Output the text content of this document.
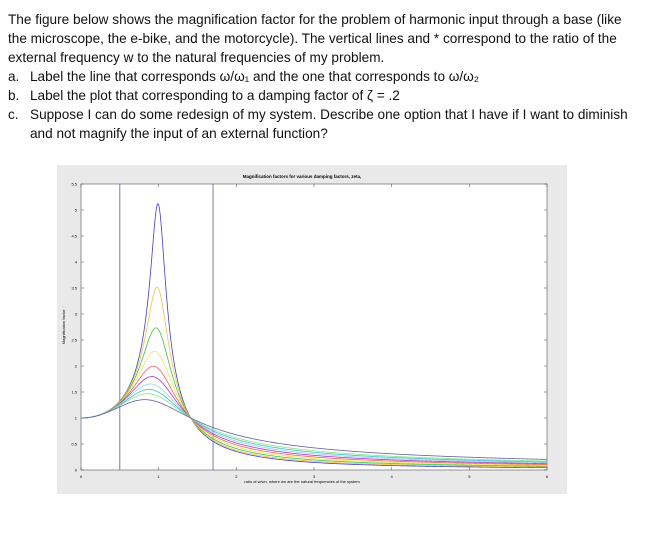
The figure below shows the magnification factor for the problem of harmonic input through a base (like the microscope, the e-bike, and the motorcycle). The vertical lines and * correspond to the ratio of the external frequency w to the natural frequencies of my problem.

a. Label the line that corresponds ω/ω₁ and the one that corresponds to ω/ω₂
b. Label the plot that corresponding to a damping factor of ζ = .2
c. Suppose I can do some redesign of my system. Describe one option that I have if I want to diminish and not magnify the input of an external function?
Magnification factors for various damping factors, zeta,
ratio of w/wn, where wn are the natural frequencies of the system
Magnification factor
0	1	2	3	4	5	6
0
0.5
1
1.5
2
2.5
3
3.5
4
4.5
5
5.5
